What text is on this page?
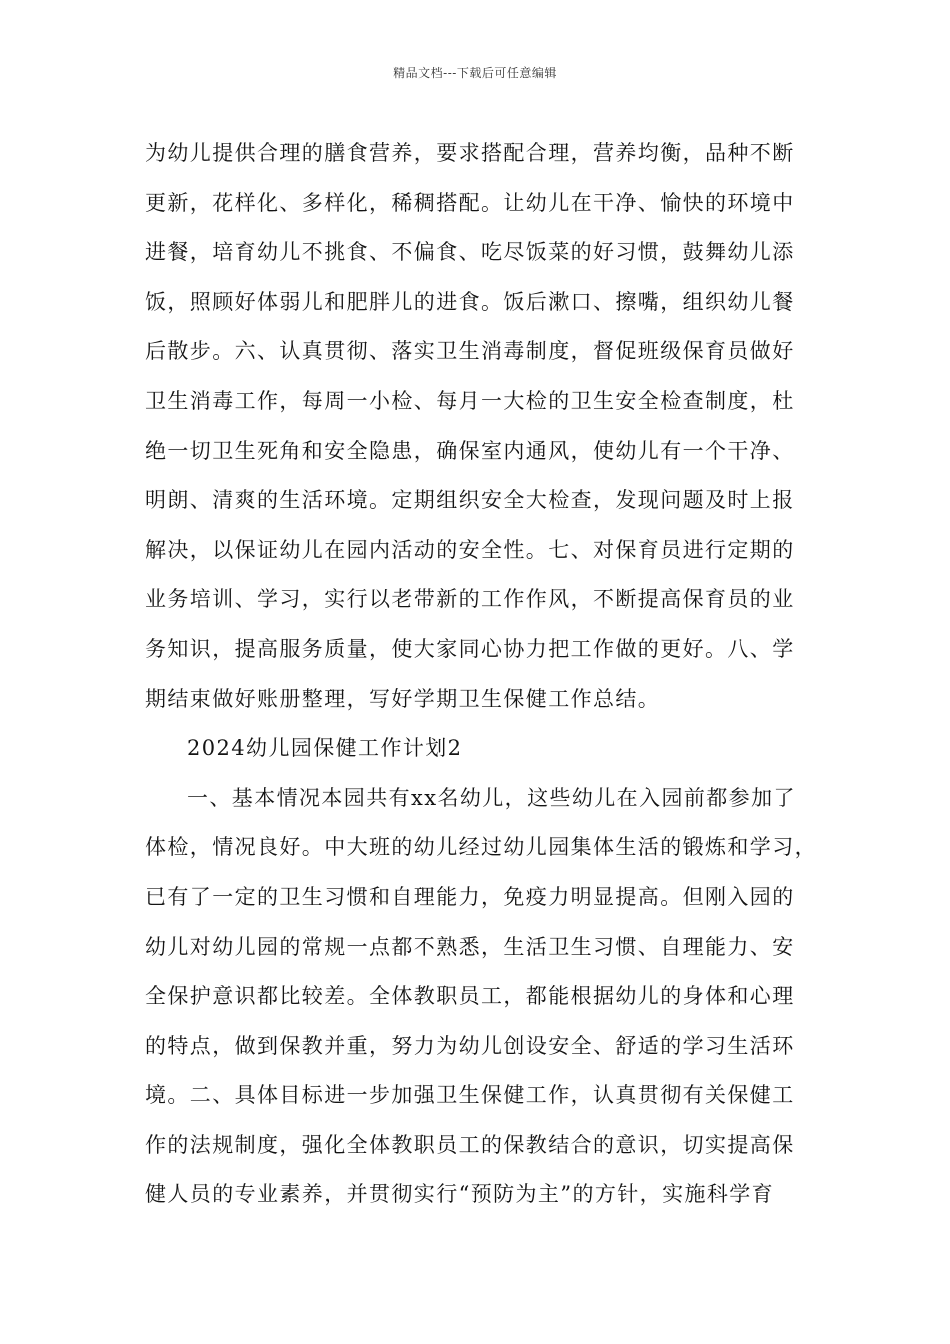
精品文档---下载后可任意编辑
为幼儿提供合理的膳食营养，要求搭配合理，营养均衡，品种不断
更新，花样化、多样化，稀稠搭配。让幼儿在干净、愉快的环境中
进餐，培育幼儿不挑食、不偏食、吃尽饭菜的好习惯，鼓舞幼儿添
饭，照顾好体弱儿和肥胖儿的进食。饭后漱口、擦嘴，组织幼儿餐
后散步。六、认真贯彻、落实卫生消毒制度，督促班级保育员做好
卫生消毒工作，每周一小检、每月一大检的卫生安全检查制度，杜
绝一切卫生死角和安全隐患，确保室内通风，使幼儿有一个干净、
明朗、清爽的生活环境。定期组织安全大检查，发现问题及时上报
解决，以保证幼儿在园内活动的安全性。七、对保育员进行定期的
业务培训、学习，实行以老带新的工作作风，不断提高保育员的业
务知识，提高服务质量，使大家同心协力把工作做的更好。八、学
期结束做好账册整理，写好学期卫生保健工作总结。
2024幼儿园保健工作计划2
一、基本情况本园共有xx名幼儿，这些幼儿在入园前都参加了
体检，情况良好。中大班的幼儿经过幼儿园集体生活的锻炼和学习，
已有了一定的卫生习惯和自理能力，免疫力明显提高。但刚入园的
幼儿对幼儿园的常规一点都不熟悉，生活卫生习惯、自理能力、安
全保护意识都比较差。全体教职员工，都能根据幼儿的身体和心理
的特点，做到保教并重，努力为幼儿创设安全、舒适的学习生活环
境。二、具体目标进一步加强卫生保健工作，认真贯彻有关保健工
作的法规制度，强化全体教职员工的保教结合的意识，切实提高保
健人员的专业素养，并贯彻实行“预防为主”的方针，实施科学育
